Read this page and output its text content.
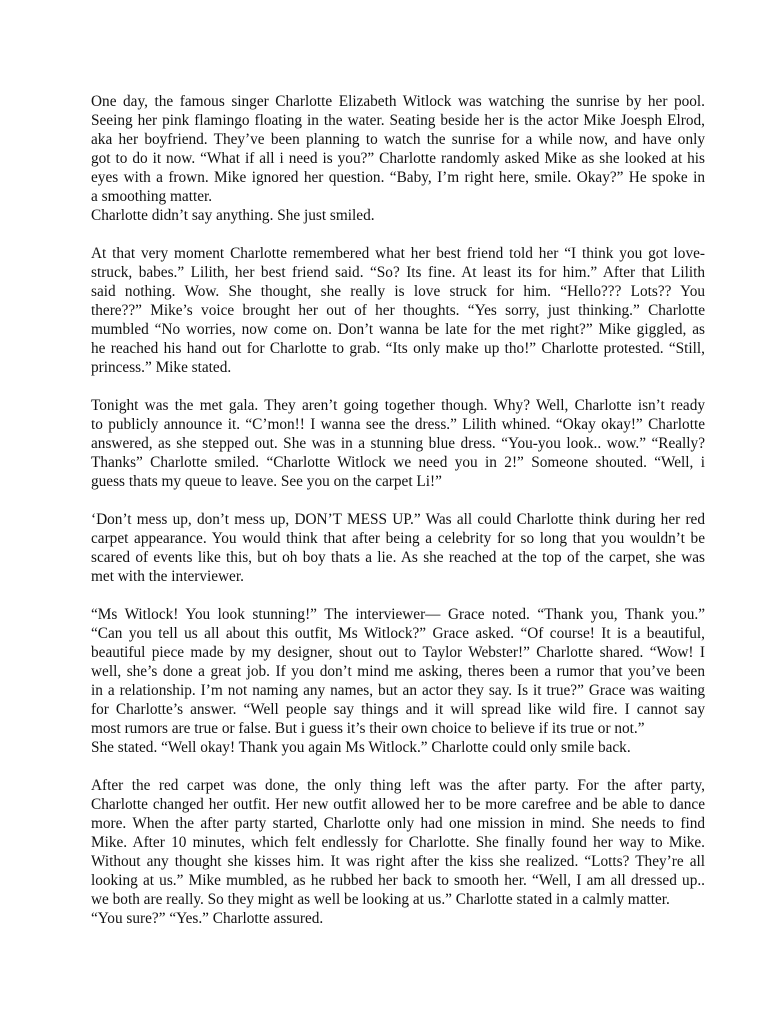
One day, the famous singer Charlotte Elizabeth Witlock was watching the sunrise by her pool.
Seeing her pink flamingo floating in the water. Seating beside her is the actor Mike Joesph Elrod,
aka her boyfriend. They’ve been planning to watch the sunrise for a while now, and have only
got to do it now. “What if all i need is you?” Charlotte randomly asked Mike as she looked at his
eyes with a frown. Mike ignored her question. “Baby, I’m right here, smile. Okay?” He spoke in
a smoothing matter.
Charlotte didn’t say anything. She just smiled.
At that very moment Charlotte remembered what her best friend told her “I think you got love-
struck, babes.” Lilith, her best friend said. “So? Its fine. At least its for him.” After that Lilith
said nothing. Wow. She thought, she really is love struck for him. “Hello??? Lots?? You
there??” Mike’s voice brought her out of her thoughts. “Yes sorry, just thinking.” Charlotte
mumbled “No worries, now come on. Don’t wanna be late for the met right?” Mike giggled, as
he reached his hand out for Charlotte to grab. “Its only make up tho!” Charlotte protested. “Still,
princess.” Mike stated.
Tonight was the met gala. They aren’t going together though. Why? Well, Charlotte isn’t ready
to publicly announce it. “C’mon!! I wanna see the dress.” Lilith whined. “Okay okay!” Charlotte
answered, as she stepped out. She was in a stunning blue dress. “You-you look.. wow.” “Really?
Thanks” Charlotte smiled. “Charlotte Witlock we need you in 2!” Someone shouted. “Well, i
guess thats my queue to leave. See you on the carpet Li!”
‘Don’t mess up, don’t mess up, DON’T MESS UP.” Was all could Charlotte think during her red
carpet appearance. You would think that after being a celebrity for so long that you wouldn’t be
scared of events like this, but oh boy thats a lie. As she reached at the top of the carpet, she was
met with the interviewer.
“Ms Witlock! You look stunning!” The interviewer— Grace noted. “Thank you, Thank you.”
“Can you tell us all about this outfit, Ms Witlock?” Grace asked. “Of course! It is a beautiful,
beautiful piece made by my designer, shout out to Taylor Webster!” Charlotte shared. “Wow! I
well, she’s done a great job. If you don’t mind me asking, theres been a rumor that you’ve been
in a relationship. I’m not naming any names, but an actor they say. Is it true?” Grace was waiting
for Charlotte’s answer. “Well people say things and it will spread like wild fire. I cannot say
most rumors are true or false. But i guess it’s their own choice to believe if its true or not.”
She stated. “Well okay! Thank you again Ms Witlock.” Charlotte could only smile back.
After the red carpet was done, the only thing left was the after party. For the after party,
Charlotte changed her outfit. Her new outfit allowed her to be more carefree and be able to dance
more. When the after party started, Charlotte only had one mission in mind. She needs to find
Mike. After 10 minutes, which felt endlessly for Charlotte. She finally found her way to Mike.
Without any thought she kisses him. It was right after the kiss she realized. “Lotts? They’re all
looking at us.” Mike mumbled, as he rubbed her back to smooth her. “Well, I am all dressed up..
we both are really. So they might as well be looking at us.” Charlotte stated in a calmly matter.
“You sure?” “Yes.” Charlotte assured.
